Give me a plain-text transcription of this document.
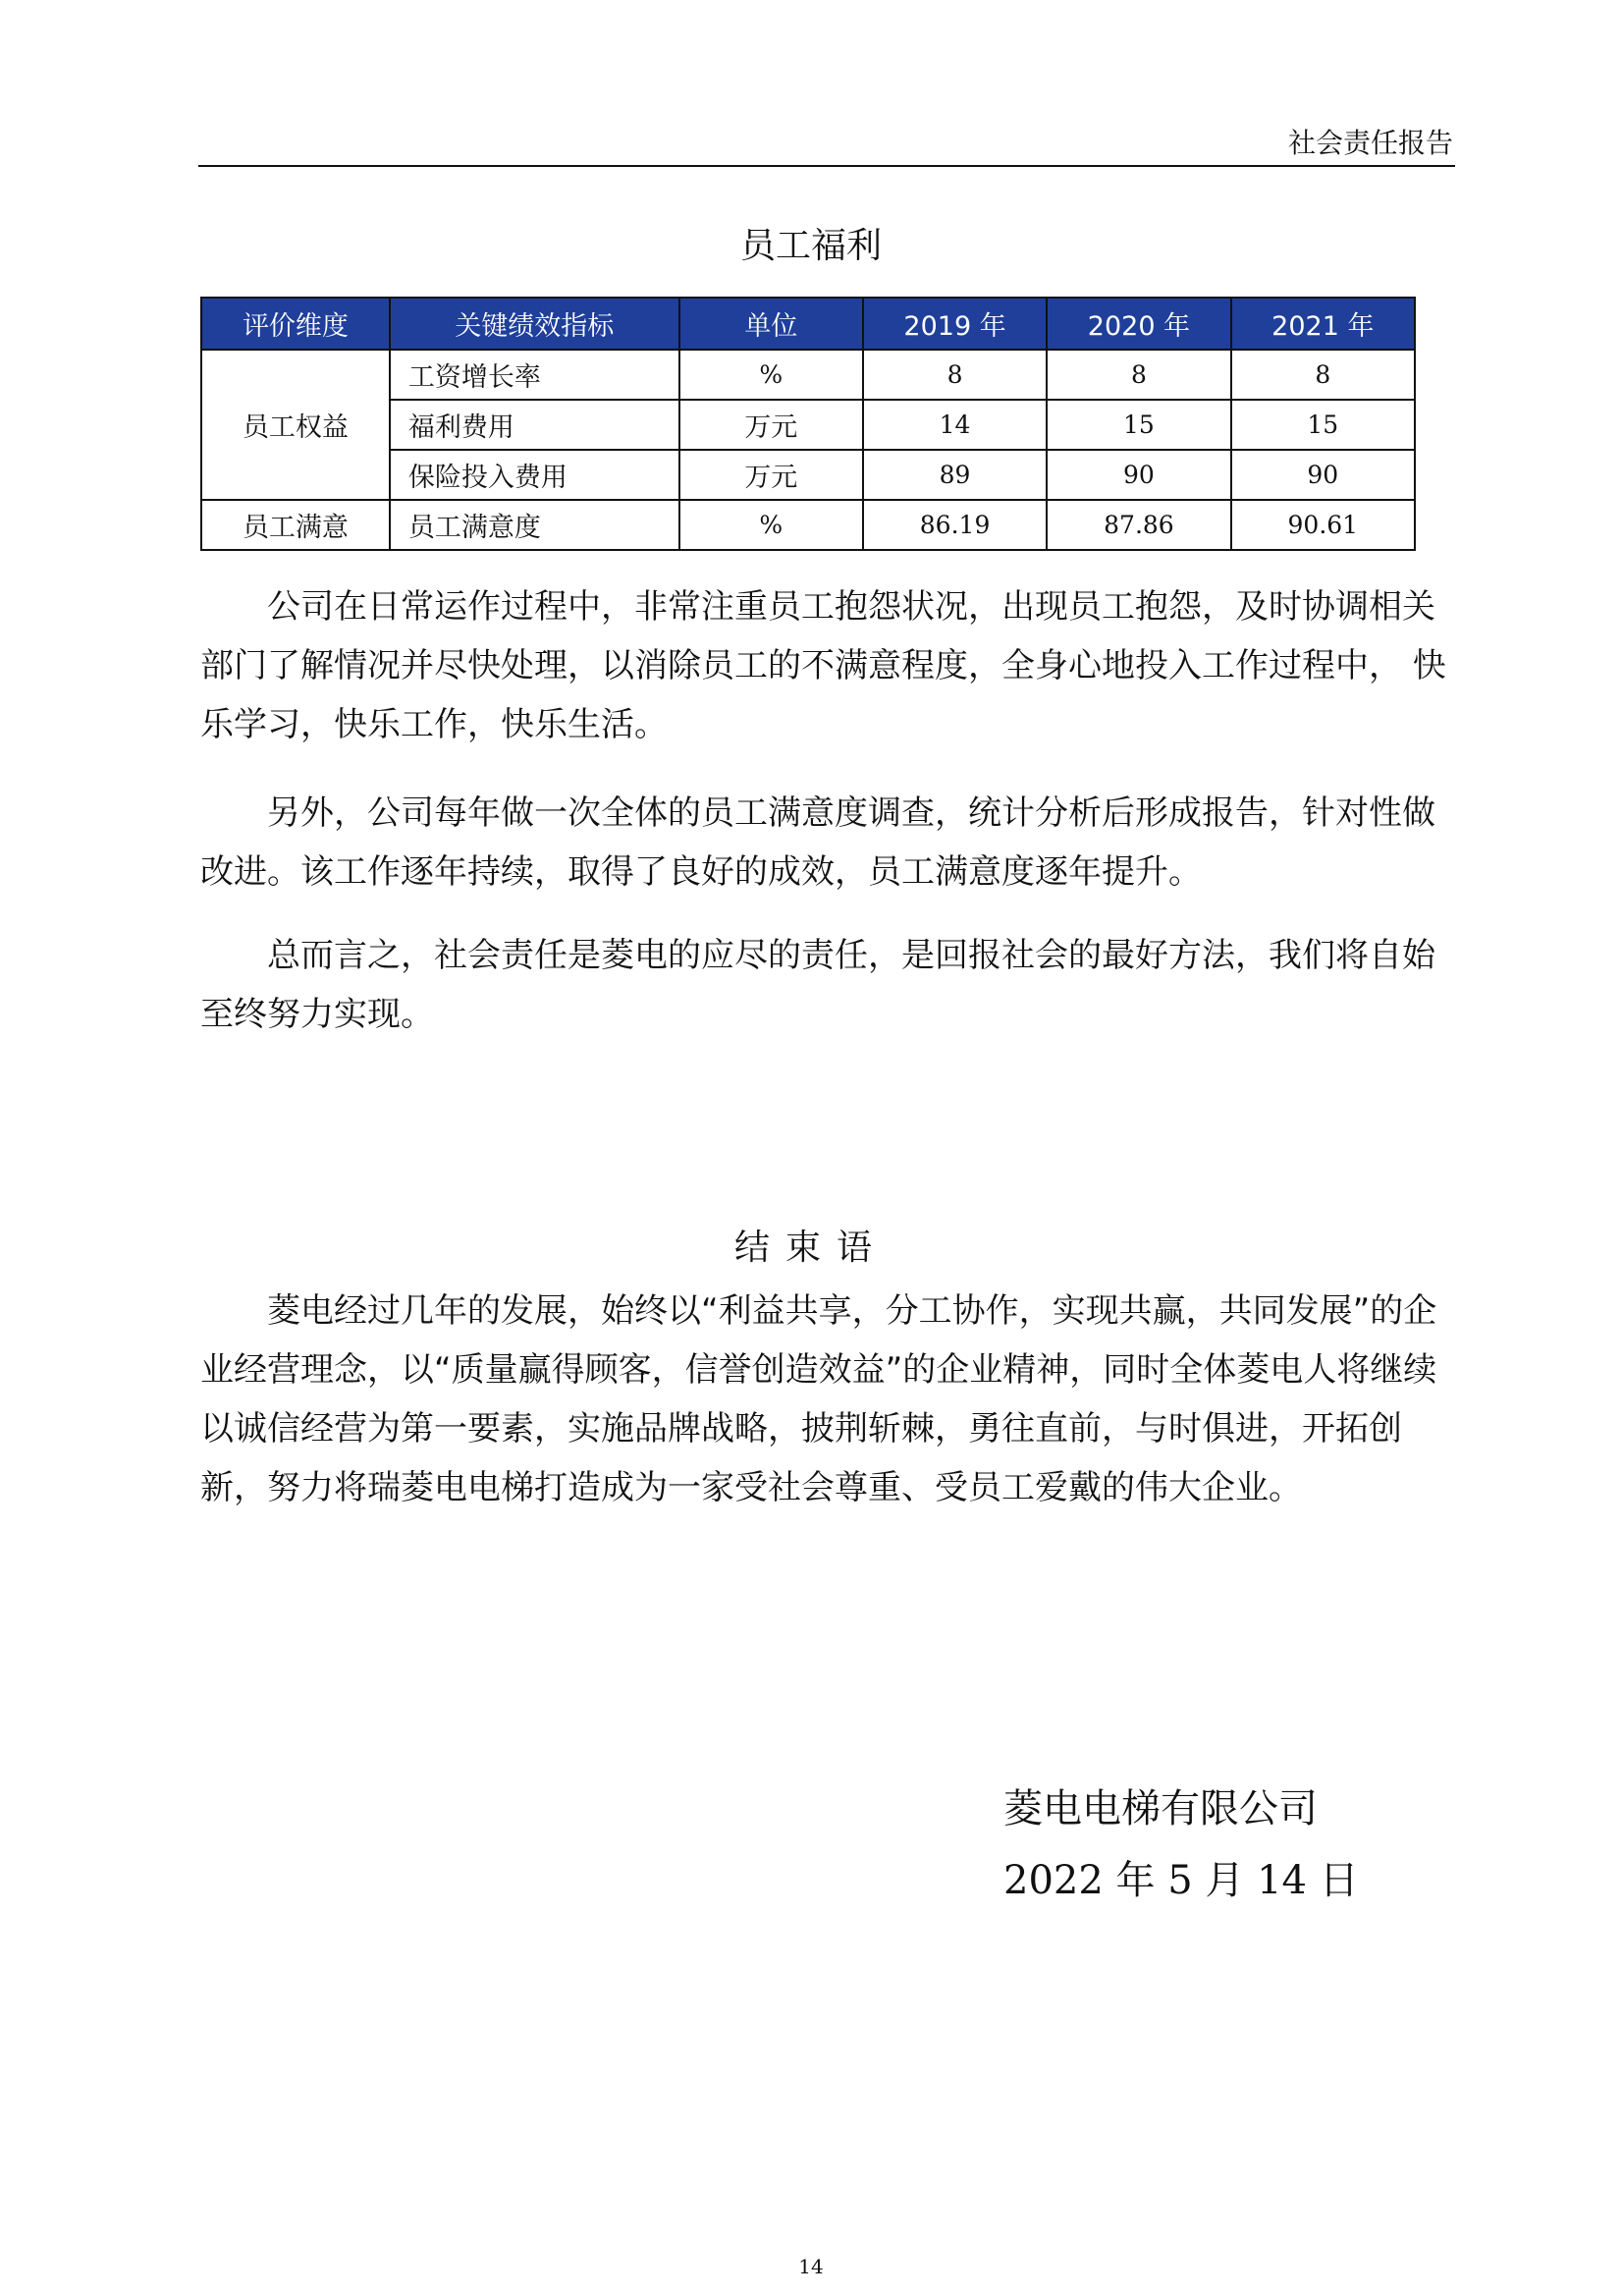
社会责任报告
员工福利
评价维度	关键绩效指标	单位	2019 年	2020 年	2021 年
员工权益	工资增长率	%	8	8	8
	福利费用	万元	14	15	15
	保险投入费用	万元	89	90	90
员工满意	员工满意度	%	86.19	87.86	90.61

公司在日常运作过程中，非常注重员工抱怨状况，出现员工抱怨，及时协调相关部门了解情况并尽快处理，以消除员工的不满意程度，全身心地投入工作过程中， 快乐学习，快乐工作，快乐生活。

另外，公司每年做一次全体的员工满意度调查，统计分析后形成报告，针对性做改进。该工作逐年持续，取得了良好的成效，员工满意度逐年提升。

总而言之，社会责任是菱电的应尽的责任，是回报社会的最好方法，我们将自始至终努力实现。

结束语

菱电经过几年的发展，始终以“利益共享，分工协作，实现共赢，共同发展”的企业经营理念，以“质量赢得顾客，信誉创造效益”的企业精神，同时全体菱电人将继续以诚信经营为第一要素，实施品牌战略，披荆斩棘，勇往直前，与时俱进，开拓创新，努力将瑞菱电电梯打造成为一家受社会尊重、受员工爱戴的伟大企业。

菱电电梯有限公司
2022 年 5 月 14 日
14
